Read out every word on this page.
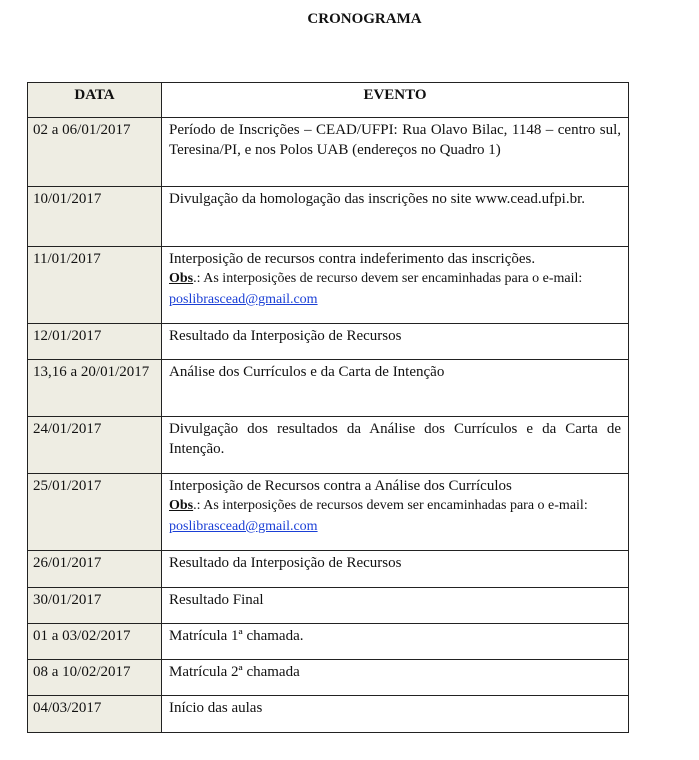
CRONOGRAMA
DATA	EVENTO
02 a 06/01/2017	Período de Inscrições – CEAD/UFPI: Rua Olavo Bilac, 1148 – centro sul, Teresina/PI, e nos Polos UAB (endereços no Quadro 1)
10/01/2017	Divulgação da homologação das inscrições no site www.cead.ufpi.br.
11/01/2017	Interposição de recursos contra indeferimento das inscrições.
Obs.: As interposições de recurso devem ser encaminhadas para o e-mail:
poslibrascead@gmail.com
12/01/2017	Resultado da Interposição de Recursos
13,16 a 20/01/2017	Análise dos Currículos e da Carta de Intenção
24/01/2017	Divulgação dos resultados da Análise dos Currículos e da Carta de Intenção.
25/01/2017	Interposição de Recursos contra a Análise dos Currículos
Obs.: As interposições de recursos devem ser encaminhadas para o e-mail:
poslibrascead@gmail.com
26/01/2017	Resultado da Interposição de Recursos
30/01/2017	Resultado Final
01 a 03/02/2017	Matrícula 1ª chamada.
08 a 10/02/2017	Matrícula 2ª chamada
04/03/2017	Início das aulas
